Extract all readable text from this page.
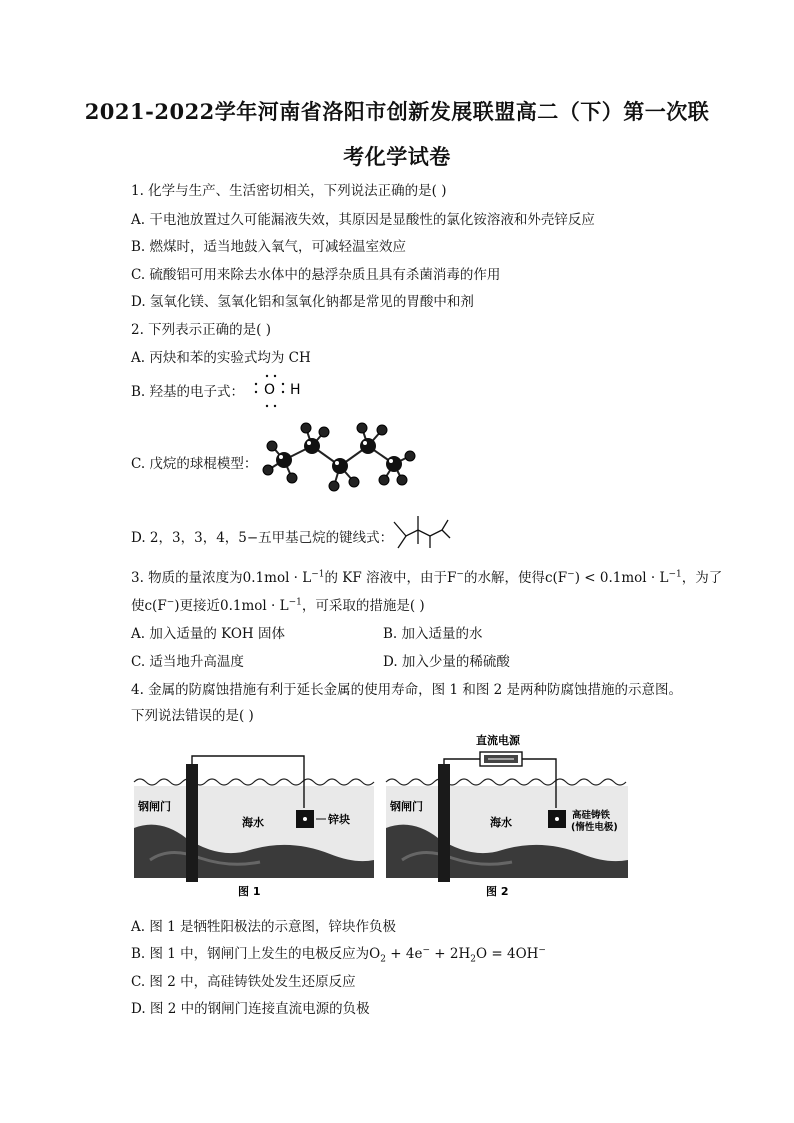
2021-2022学年河南省洛阳市创新发展联盟高二（下）第一次联
考化学试卷
1. 化学与生产、生活密切相关，下列说法正确的是( )
A. 干电池放置过久可能漏液失效，其原因是显酸性的氯化铵溶液和外壳锌反应
B. 燃煤时，适当地鼓入氧气，可减轻温室效应
C. 硫酸铝可用来除去水体中的悬浮杂质且具有杀菌消毒的作用
D. 氢氧化镁、氢氧化铝和氢氧化钠都是常见的胃酸中和剂
2. 下列表示正确的是( )
A. 丙炔和苯的实验式均为 CH
B. 羟基的电子式： O H
C. 戊烷的球棍模型：
D. 2，3，3，4，5−五甲基己烷的键线式：
3. 物质的量浓度为$0.1mol \cdot L^{-1}$的 KF 溶液中，由于F−的水解，使得$c(F^-) < 0.1mol \cdot L^{-1}$，为了
使c(F−)更接近$0.1mol \cdot L^{-1}$，可采取的措施是( )
A. 加入适量的 KOH 固体	B. 加入适量的水
C. 适当地升高温度	D. 加入少量的稀硫酸
4. 金属的防腐蚀措施有利于延长金属的使用寿命，图 1 和图 2 是两种防腐蚀措施的示意图。
下列说法错误的是( )
钢闸门
海水	锌块
图 1
直流电源
钢闸门
海水
高硅铸铁
(惰性电极)
图 2
A. 图 1 是牺牲阳极法的示意图，锌块作负极
B. 图 1 中，钢闸门上发生的电极反应为$O_2 + 4e^- + 2H_2O = 4OH^-$
C. 图 2 中，高硅铸铁处发生还原反应
D. 图 2 中的钢闸门连接直流电源的负极
